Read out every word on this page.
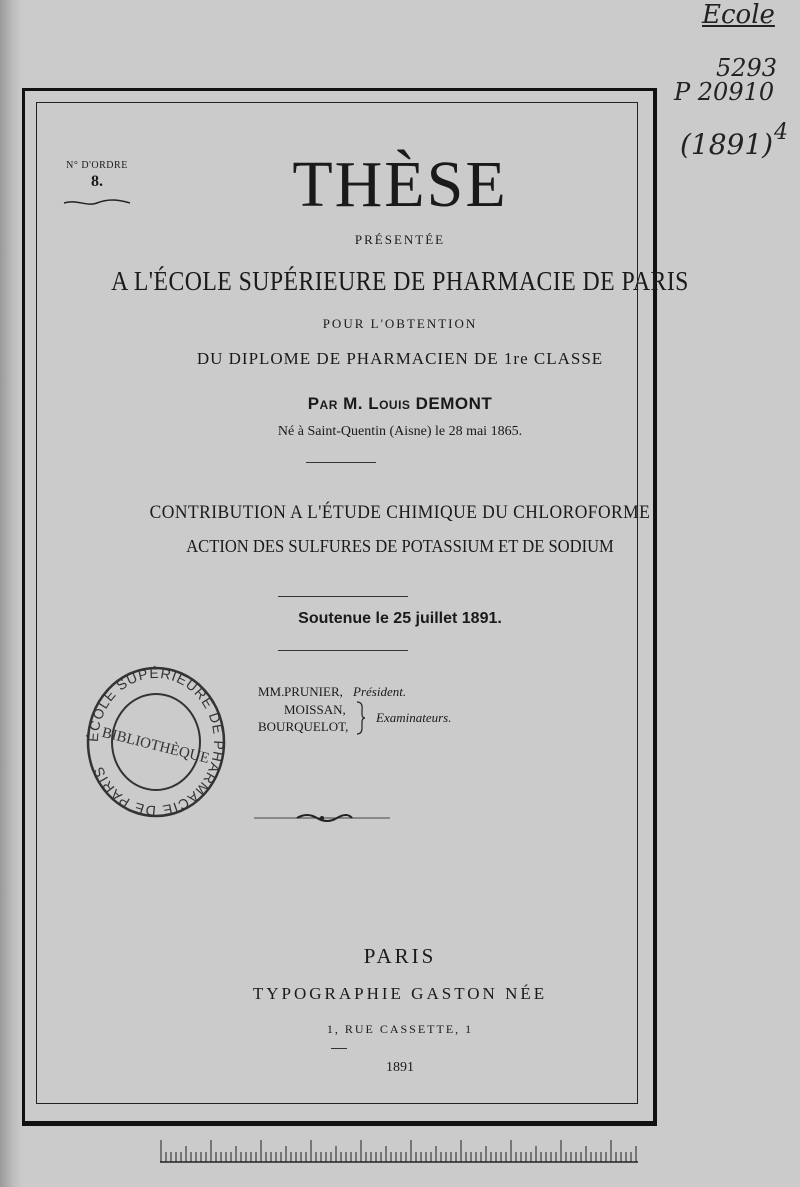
Ecole
5293
P 20910
(1891) 4
N° D'ORDRE
8.	THÈSE
PRÉSENTÉE
A L'ÉCOLE SUPÉRIEURE DE PHARMACIE DE PARIS
POUR L'OBTENTION
DU DIPLOME DE PHARMACIEN DE 1re CLASSE
Par M. Louis DEMONT
Né à Saint-Quentin (Aisne) le 28 mai 1865.
CONTRIBUTION A L'ÉTUDE CHIMIQUE DU CHLOROFORME
ACTION DES SULFURES DE POTASSIUM ET DE SODIUM
Soutenue le 25 juillet 1891.
MM. PRUNIER, Président.
MOISSAN,
BOURQUELOT,
Examinateurs.
ÉCOLE SUPÉRIEURE DE PHARMACIE DE PARIS
BIBLIOTHÈQUE
PARIS
TYPOGRAPHIE GASTON NÉE
1, RUE CASSETTE, 1
1891
